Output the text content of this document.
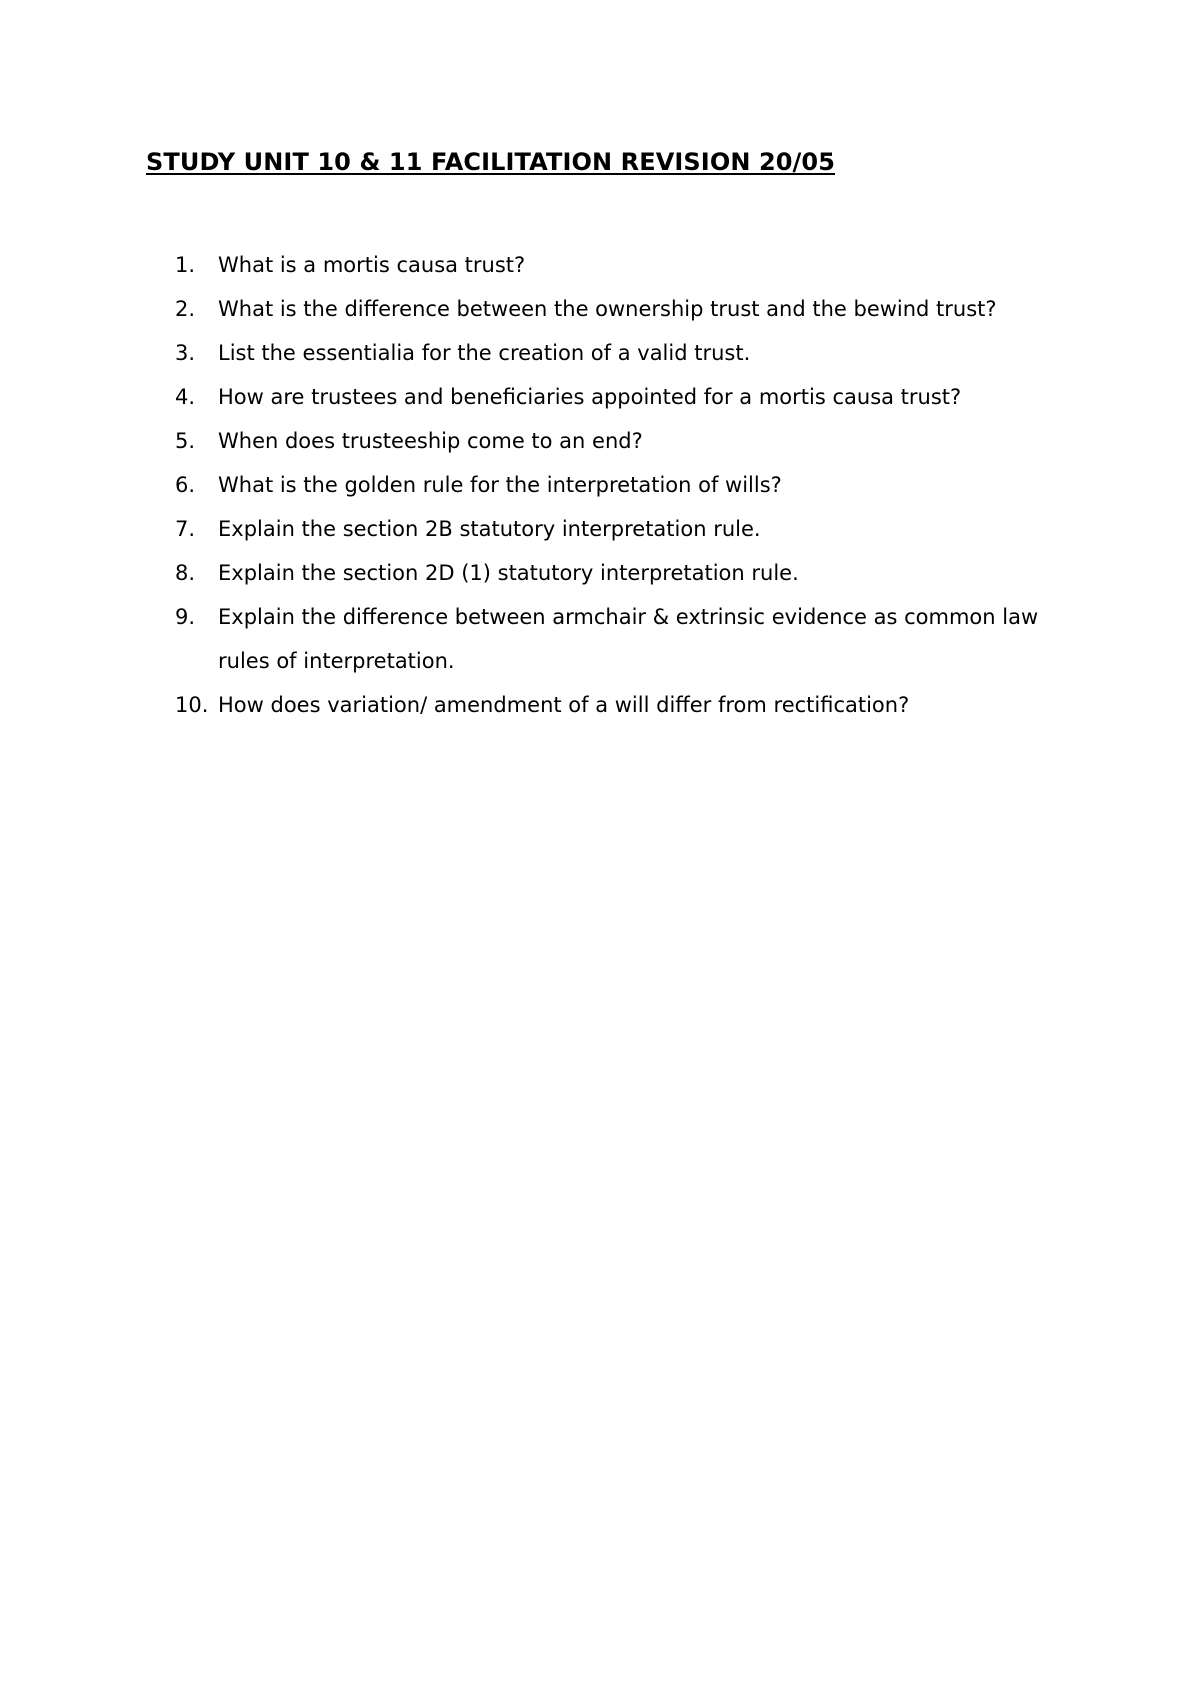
STUDY UNIT 10 & 11 FACILITATION REVISION 20/05
1.	What is a mortis causa trust?
2.	What is the difference between the ownership trust and the bewind trust?
3.	List the essentialia for the creation of a valid trust.
4.	How are trustees and beneficiaries appointed for a mortis causa trust?
5.	When does trusteeship come to an end?
6.	What is the golden rule for the interpretation of wills?
7.	Explain the section 2B statutory interpretation rule.
8.	Explain the section 2D (1) statutory interpretation rule.
9.	Explain the difference between armchair & extrinsic evidence as common law rules of interpretation.
10. How does variation/ amendment of a will differ from rectification?
